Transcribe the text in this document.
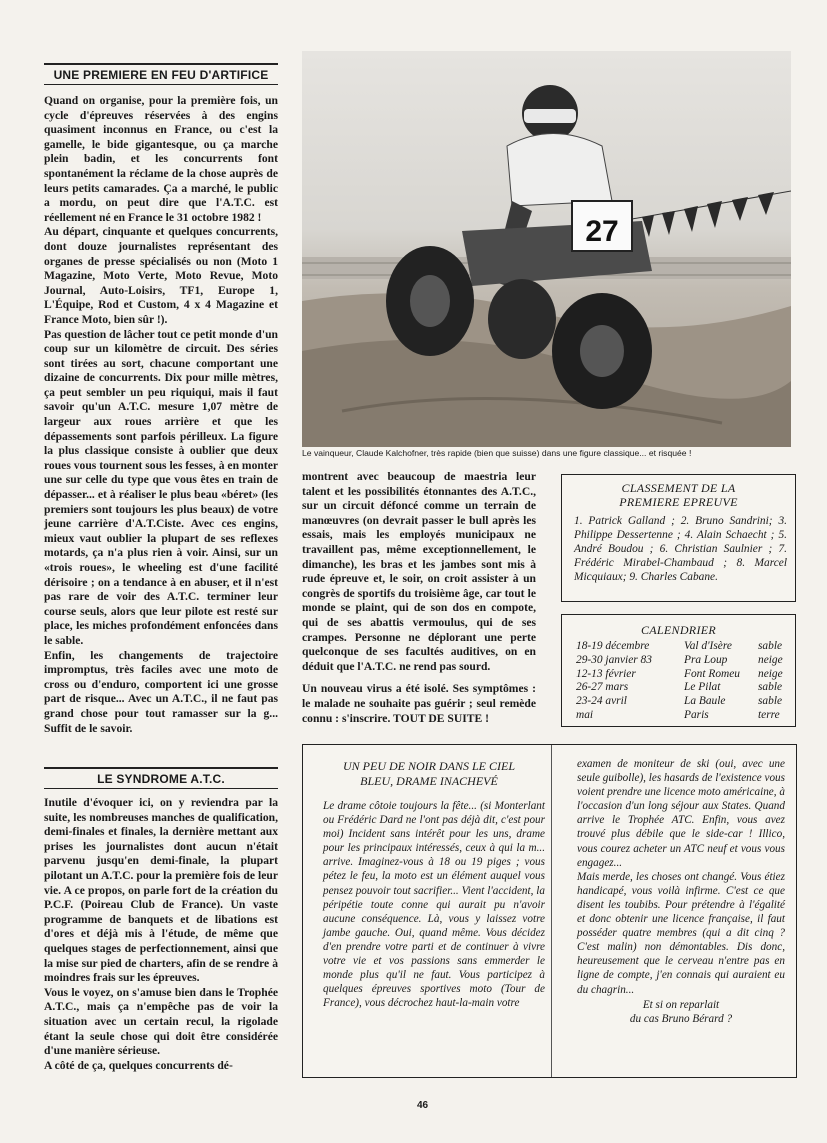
UNE PREMIERE EN FEU D'ARTIFICE

Quand on organise, pour la première fois, un cycle d'épreuves réservées à des engins quasiment inconnus en France, ou c'est la gamelle, le bide gigantesque, ou ça marche plein badin, et les concurrents font spontanément la réclame de la chose auprès de leurs petits camarades. Ça a marché, le public a mordu, on peut dire que l'A.T.C. est réellement né en France le 31 octobre 1982 !

Au départ, cinquante et quelques concurrents, dont douze journalistes représentant des organes de presse spécialisés ou non (Moto 1 Magazine, Moto Verte, Moto Revue, Moto Journal, Auto-Loisirs, TF1, Europe 1, L'Équipe, Rod et Custom, 4 x 4 Magazine et France Moto, bien sûr !).

Pas question de lâcher tout ce petit monde d'un coup sur un kilomètre de circuit. Des séries sont tirées au sort, chacune comportant une dizaine de concurrents. Dix pour mille mètres, ça peut sembler un peu riquiqui, mais il faut savoir qu'un A.T.C. mesure 1,07 mètre de largeur aux roues arrière et que les dépassements sont parfois périlleux. La figure la plus classique consiste à oublier que deux roues vous tournent sous les fesses, à en monter une sur celle du type que vous êtes en train de dépasser... et à réaliser le plus beau «béret» (les premiers sont toujours les plus beaux) de votre jeune carrière d'A.T.Ciste. Avec ces engins, mieux vaut oublier la plupart de ses reflexes motards, ça n'a plus rien à voir. Ainsi, sur un «trois roues», le wheeling est d'une facilité dérisoire ; on a tendance à en abuser, et il n'est pas rare de voir des A.T.C. terminer leur course seuls, alors que leur pilote est resté sur place, les miches profondément enfoncées dans le sable.

Enfin, les changements de trajectoire impromptus, très faciles avec une moto de cross ou d'enduro, comportent ici une grosse part de risque... Avec un A.T.C., il ne faut pas grand chose pour tout ramasser sur la g... Suffit de le savoir.

LE SYNDROME A.T.C.

Inutile d'évoquer ici, on y reviendra par la suite, les nombreuses manches de qualification, demi-finales et finales, la dernière mettant aux prises les journalistes dont aucun n'était parvenu jusqu'en demi-finale, la plupart pilotant un A.T.C. pour la première fois de leur vie. A ce propos, on parle fort de la création du P.C.F. (Poireau Club de France). Un vaste programme de banquets et de libations est d'ores et déjà mis à l'étude, de même que quelques stages de perfectionnement, ainsi que la mise sur pied de charters, afin de se rendre à moindres frais sur les épreuves.

Vous le voyez, on s'amuse bien dans le Trophée A.T.C., mais ça n'empêche pas de voir la situation avec un certain recul, la rigolade étant la seule chose qui doit être considérée d'une manière sérieuse.

A côté de ça, quelques concurrents dé-

27
Le vainqueur, Claude Kalchofner, très rapide (bien que suisse) dans une figure classique... et risquée !

montrent avec beaucoup de maestria leur talent et les possibilités étonnantes des A.T.C., sur un circuit défoncé comme un terrain de manœuvres (on devrait passer le bull après les essais, mais les employés municipaux ne travaillent pas, même exceptionnellement, le dimanche), les bras et les jambes sont mis à rude épreuve et, le soir, on croit assister à un congrès de sportifs du troisième âge, car tout le monde se plaint, qui de son dos en compote, qui de ses abattis vermoulus, qui de ses crampes. Personne ne déplorant une perte quelconque de ses facultés auditives, on en déduit que l'A.T.C. ne rend pas sourd.

Un nouveau virus a été isolé. Ses symptômes : le malade ne souhaite pas guérir ; seul remède connu : s'inscrire. TOUT DE SUITE !

CLASSEMENT DE LA
PREMIERE EPREUVE
1. Patrick Galland ; 2. Bruno Sandrini; 3. Philippe Dessertenne ; 4. Alain Schaecht ; 5. André Boudou ; 6. Christian Saulnier ; 7. Frédéric Mirabel-Chambaud ; 8. Marcel Micquiaux; 9. Charles Cabane.
CALENDRIER
18-19 décembre	Val d'Isère	sable
29-30 janvier 83	Pra Loup	neige
12-13 février	Font Romeu	neige
26-27 mars	Le Pilat	sable
23-24 avril	La Baule	sable
mai	Paris	terre
UN PEU DE NOIR DANS LE CIEL
BLEU, DRAME INACHEVÉ

Le drame côtoie toujours la fête... (si Monterlant ou Frédéric Dard ne l'ont pas déjà dit, c'est pour moi) Incident sans intérêt pour les uns, drame pour les principaux intéressés, ceux à qui la m... arrive. Imaginez-vous à 18 ou 19 piges ; vous pétez le feu, la moto est un élément auquel vous pensez pouvoir tout sacrifier... Vient l'accident, la péripétie toute conne qui aurait pu n'avoir aucune conséquence. Là, vous y laissez votre jambe gauche. Oui, quand même. Vous décidez d'en prendre votre parti et de continuer à vivre votre vie et vos passions sans emmerder le monde plus qu'il ne faut. Vous participez à quelques épreuves sportives moto (Tour de France), vous décrochez haut-la-main votre

examen de moniteur de ski (oui, avec une seule guibolle), les hasards de l'existence vous voient prendre une licence moto américaine, à l'occasion d'un long séjour aux States. Quand arrive le Trophée ATC. Enfin, vous avez trouvé plus débile que le side-car ! Illico, vous courez acheter un ATC neuf et vous vous engagez...

Mais merde, les choses ont changé. Vous étiez handicapé, vous voilà infirme. C'est ce que disent les toubibs. Pour prétendre à l'égalité et donc obtenir une licence française, il faut posséder quatre membres (qui a dit cinq ? C'est malin) non démontables. Dis donc, heureusement que le cerveau n'entre pas en ligne de compte, j'en connais qui auraient eu du chagrin...

Et si on reparlait
du cas Bruno Bérard ?
46
